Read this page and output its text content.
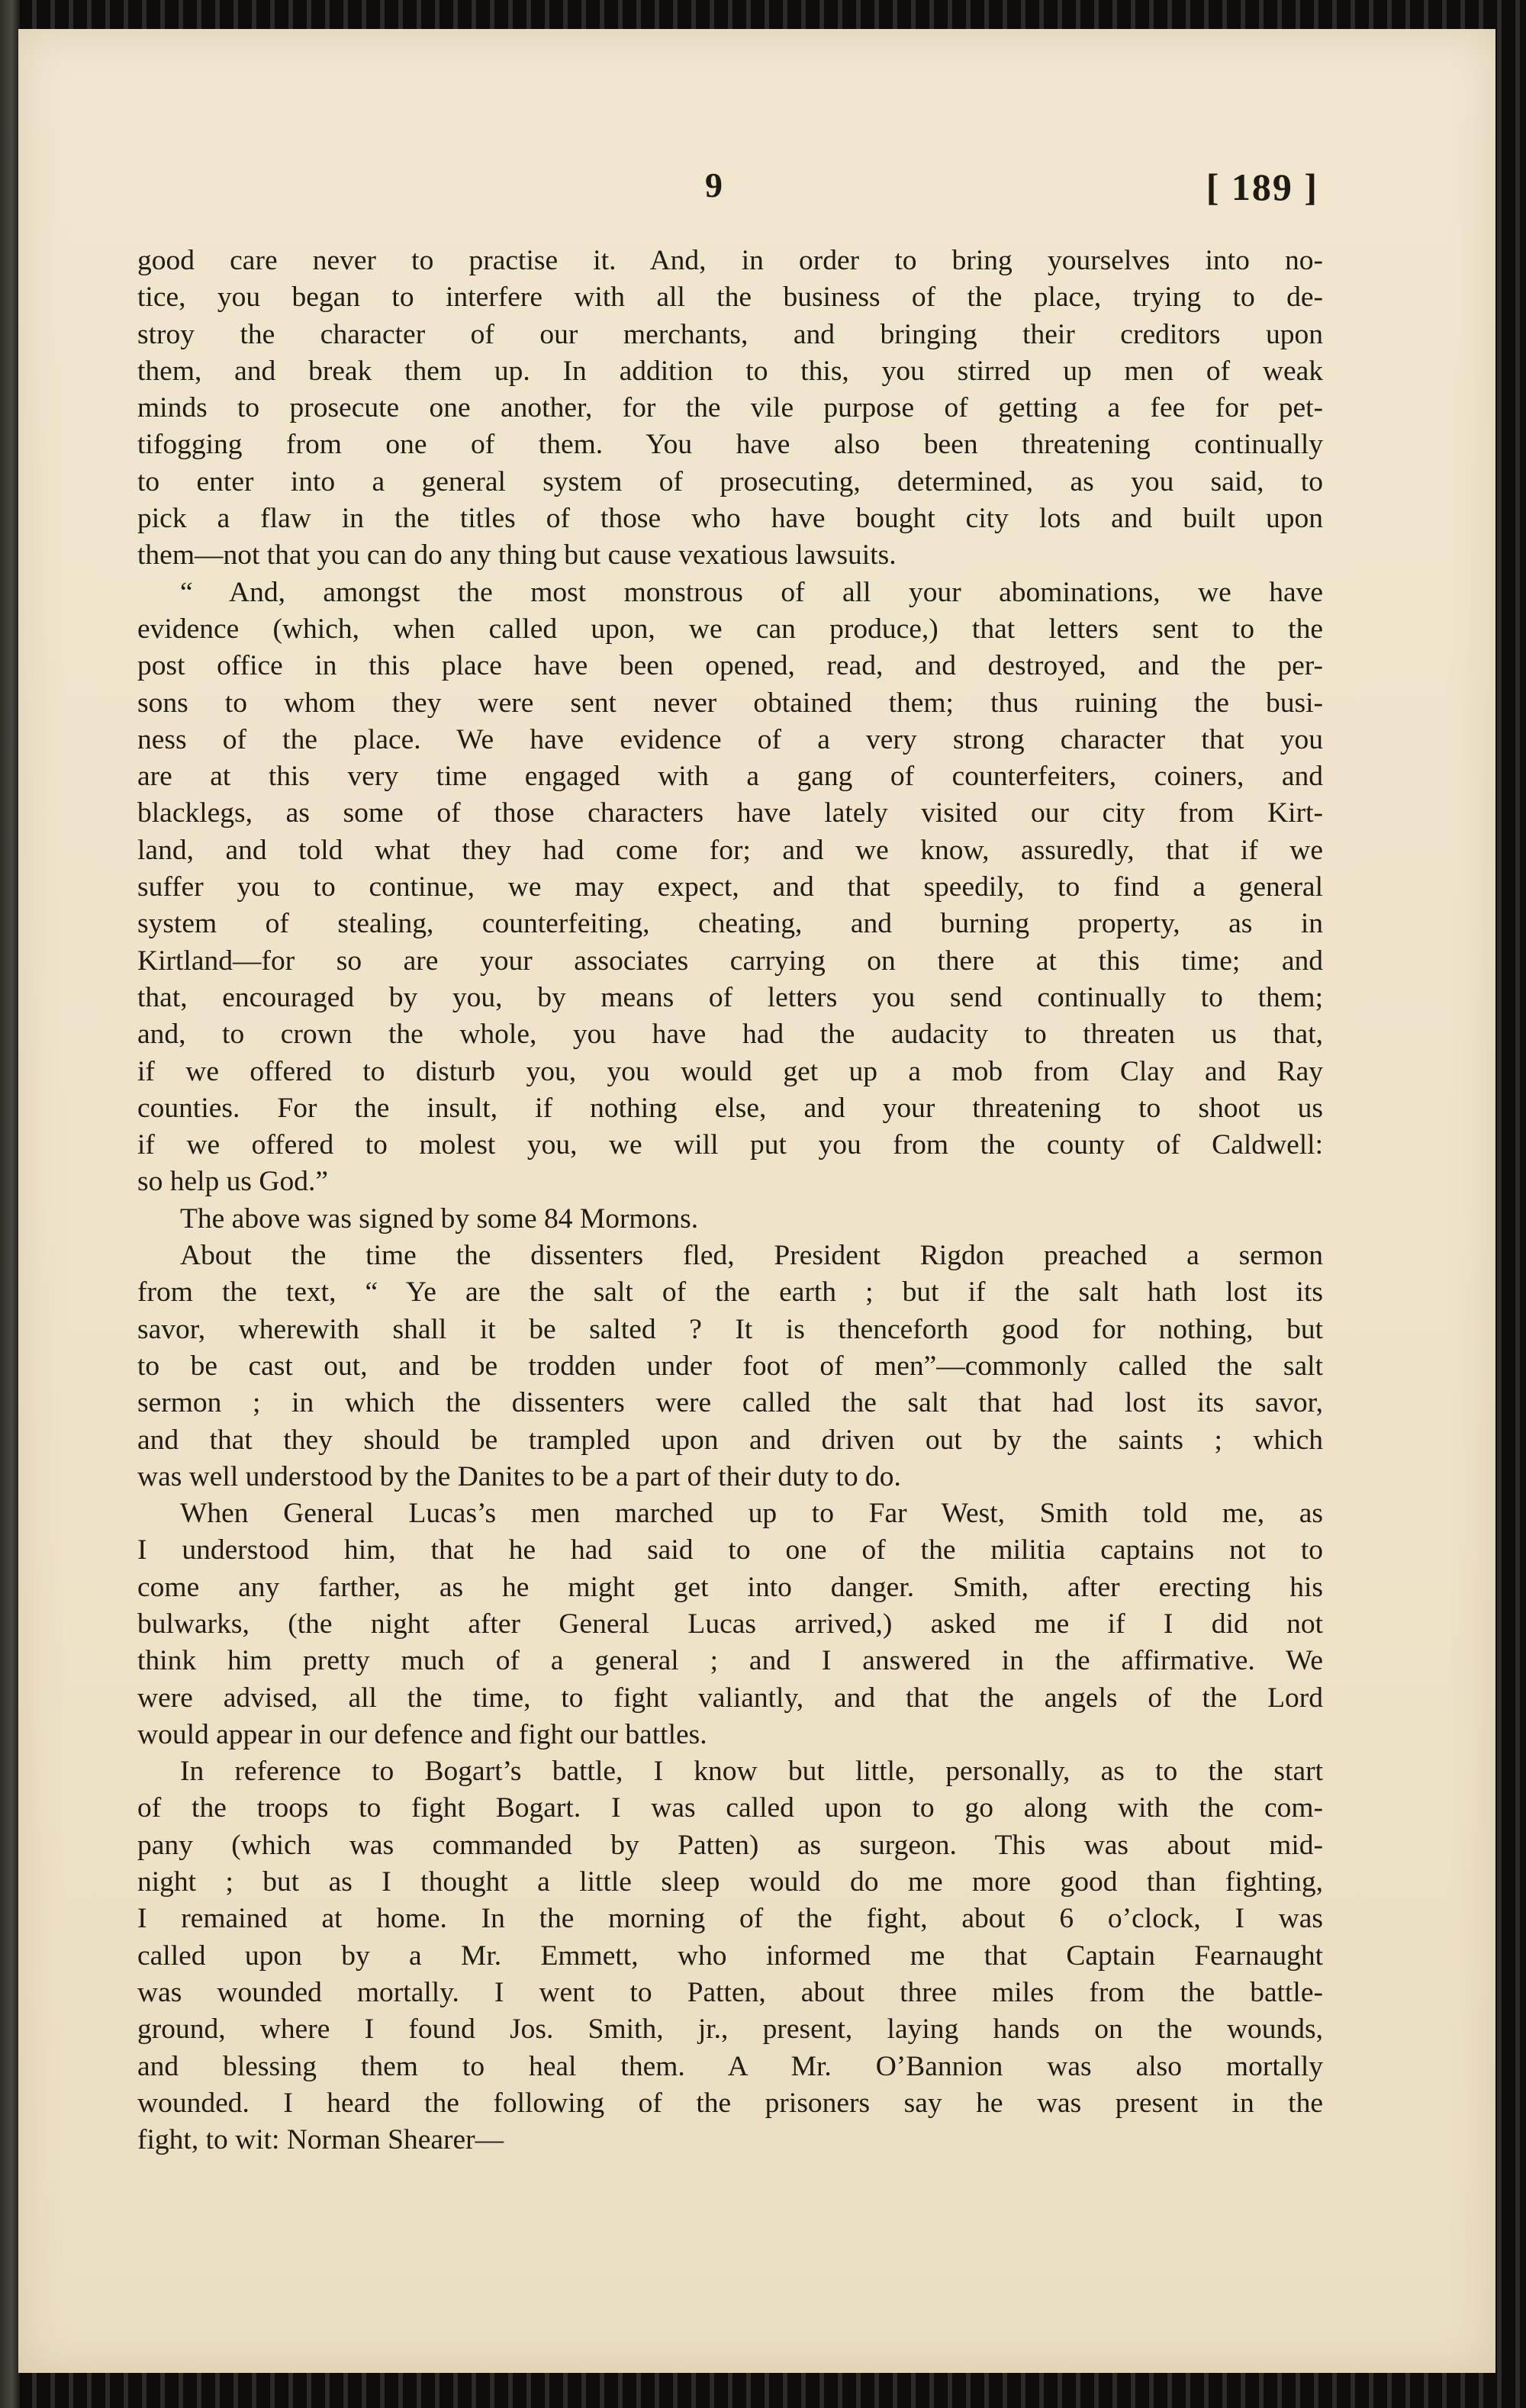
9	[ 189 ]
good care never to practise it. And, in order to bring yourselves into no-
tice, you began to interfere with all the business of the place, trying to de-
stroy the character of our merchants, and bringing their creditors upon
them, and break them up. In addition to this, you stirred up men of weak
minds to prosecute one another, for the vile purpose of getting a fee for pet-
tifogging from one of them. You have also been threatening continually
to enter into a general system of prosecuting, determined, as you said, to
pick a flaw in the titles of those who have bought city lots and built upon
them—not that you can do any thing but cause vexatious lawsuits.
“ And, amongst the most monstrous of all your abominations, we have
evidence (which, when called upon, we can produce,) that letters sent to the
post office in this place have been opened, read, and destroyed, and the per-
sons to whom they were sent never obtained them; thus ruining the busi-
ness of the place. We have evidence of a very strong character that you
are at this very time engaged with a gang of counterfeiters, coiners, and
blacklegs, as some of those characters have lately visited our city from Kirt-
land, and told what they had come for; and we know, assuredly, that if we
suffer you to continue, we may expect, and that speedily, to find a general
system of stealing, counterfeiting, cheating, and burning property, as in
Kirtland—for so are your associates carrying on there at this time; and
that, encouraged by you, by means of letters you send continually to them;
and, to crown the whole, you have had the audacity to threaten us that,
if we offered to disturb you, you would get up a mob from Clay and Ray
counties. For the insult, if nothing else, and your threatening to shoot us
if we offered to molest you, we will put you from the county of Caldwell:
so help us God.”
The above was signed by some 84 Mormons.
About the time the dissenters fled, President Rigdon preached a sermon
from the text, “ Ye are the salt of the earth ; but if the salt hath lost its
savor, wherewith shall it be salted ? It is thenceforth good for nothing, but
to be cast out, and be trodden under foot of men”—commonly called the salt
sermon ; in which the dissenters were called the salt that had lost its savor,
and that they should be trampled upon and driven out by the saints ; which
was well understood by the Danites to be a part of their duty to do.
When General Lucas’s men marched up to Far West, Smith told me, as
I understood him, that he had said to one of the militia captains not to
come any farther, as he might get into danger. Smith, after erecting his
bulwarks, (the night after General Lucas arrived,) asked me if I did not
think him pretty much of a general ; and I answered in the affirmative. We
were advised, all the time, to fight valiantly, and that the angels of the Lord
would appear in our defence and fight our battles.
In reference to Bogart’s battle, I know but little, personally, as to the start
of the troops to fight Bogart. I was called upon to go along with the com-
pany (which was commanded by Patten) as surgeon. This was about mid-
night ; but as I thought a little sleep would do me more good than fighting,
I remained at home. In the morning of the fight, about 6 o’clock, I was
called upon by a Mr. Emmett, who informed me that Captain Fearnaught
was wounded mortally. I went to Patten, about three miles from the battle-
ground, where I found Jos. Smith, jr., present, laying hands on the wounds,
and blessing them to heal them. A Mr. O’Bannion was also mortally
wounded. I heard the following of the prisoners say he was present in the
fight, to wit: Norman Shearer—
